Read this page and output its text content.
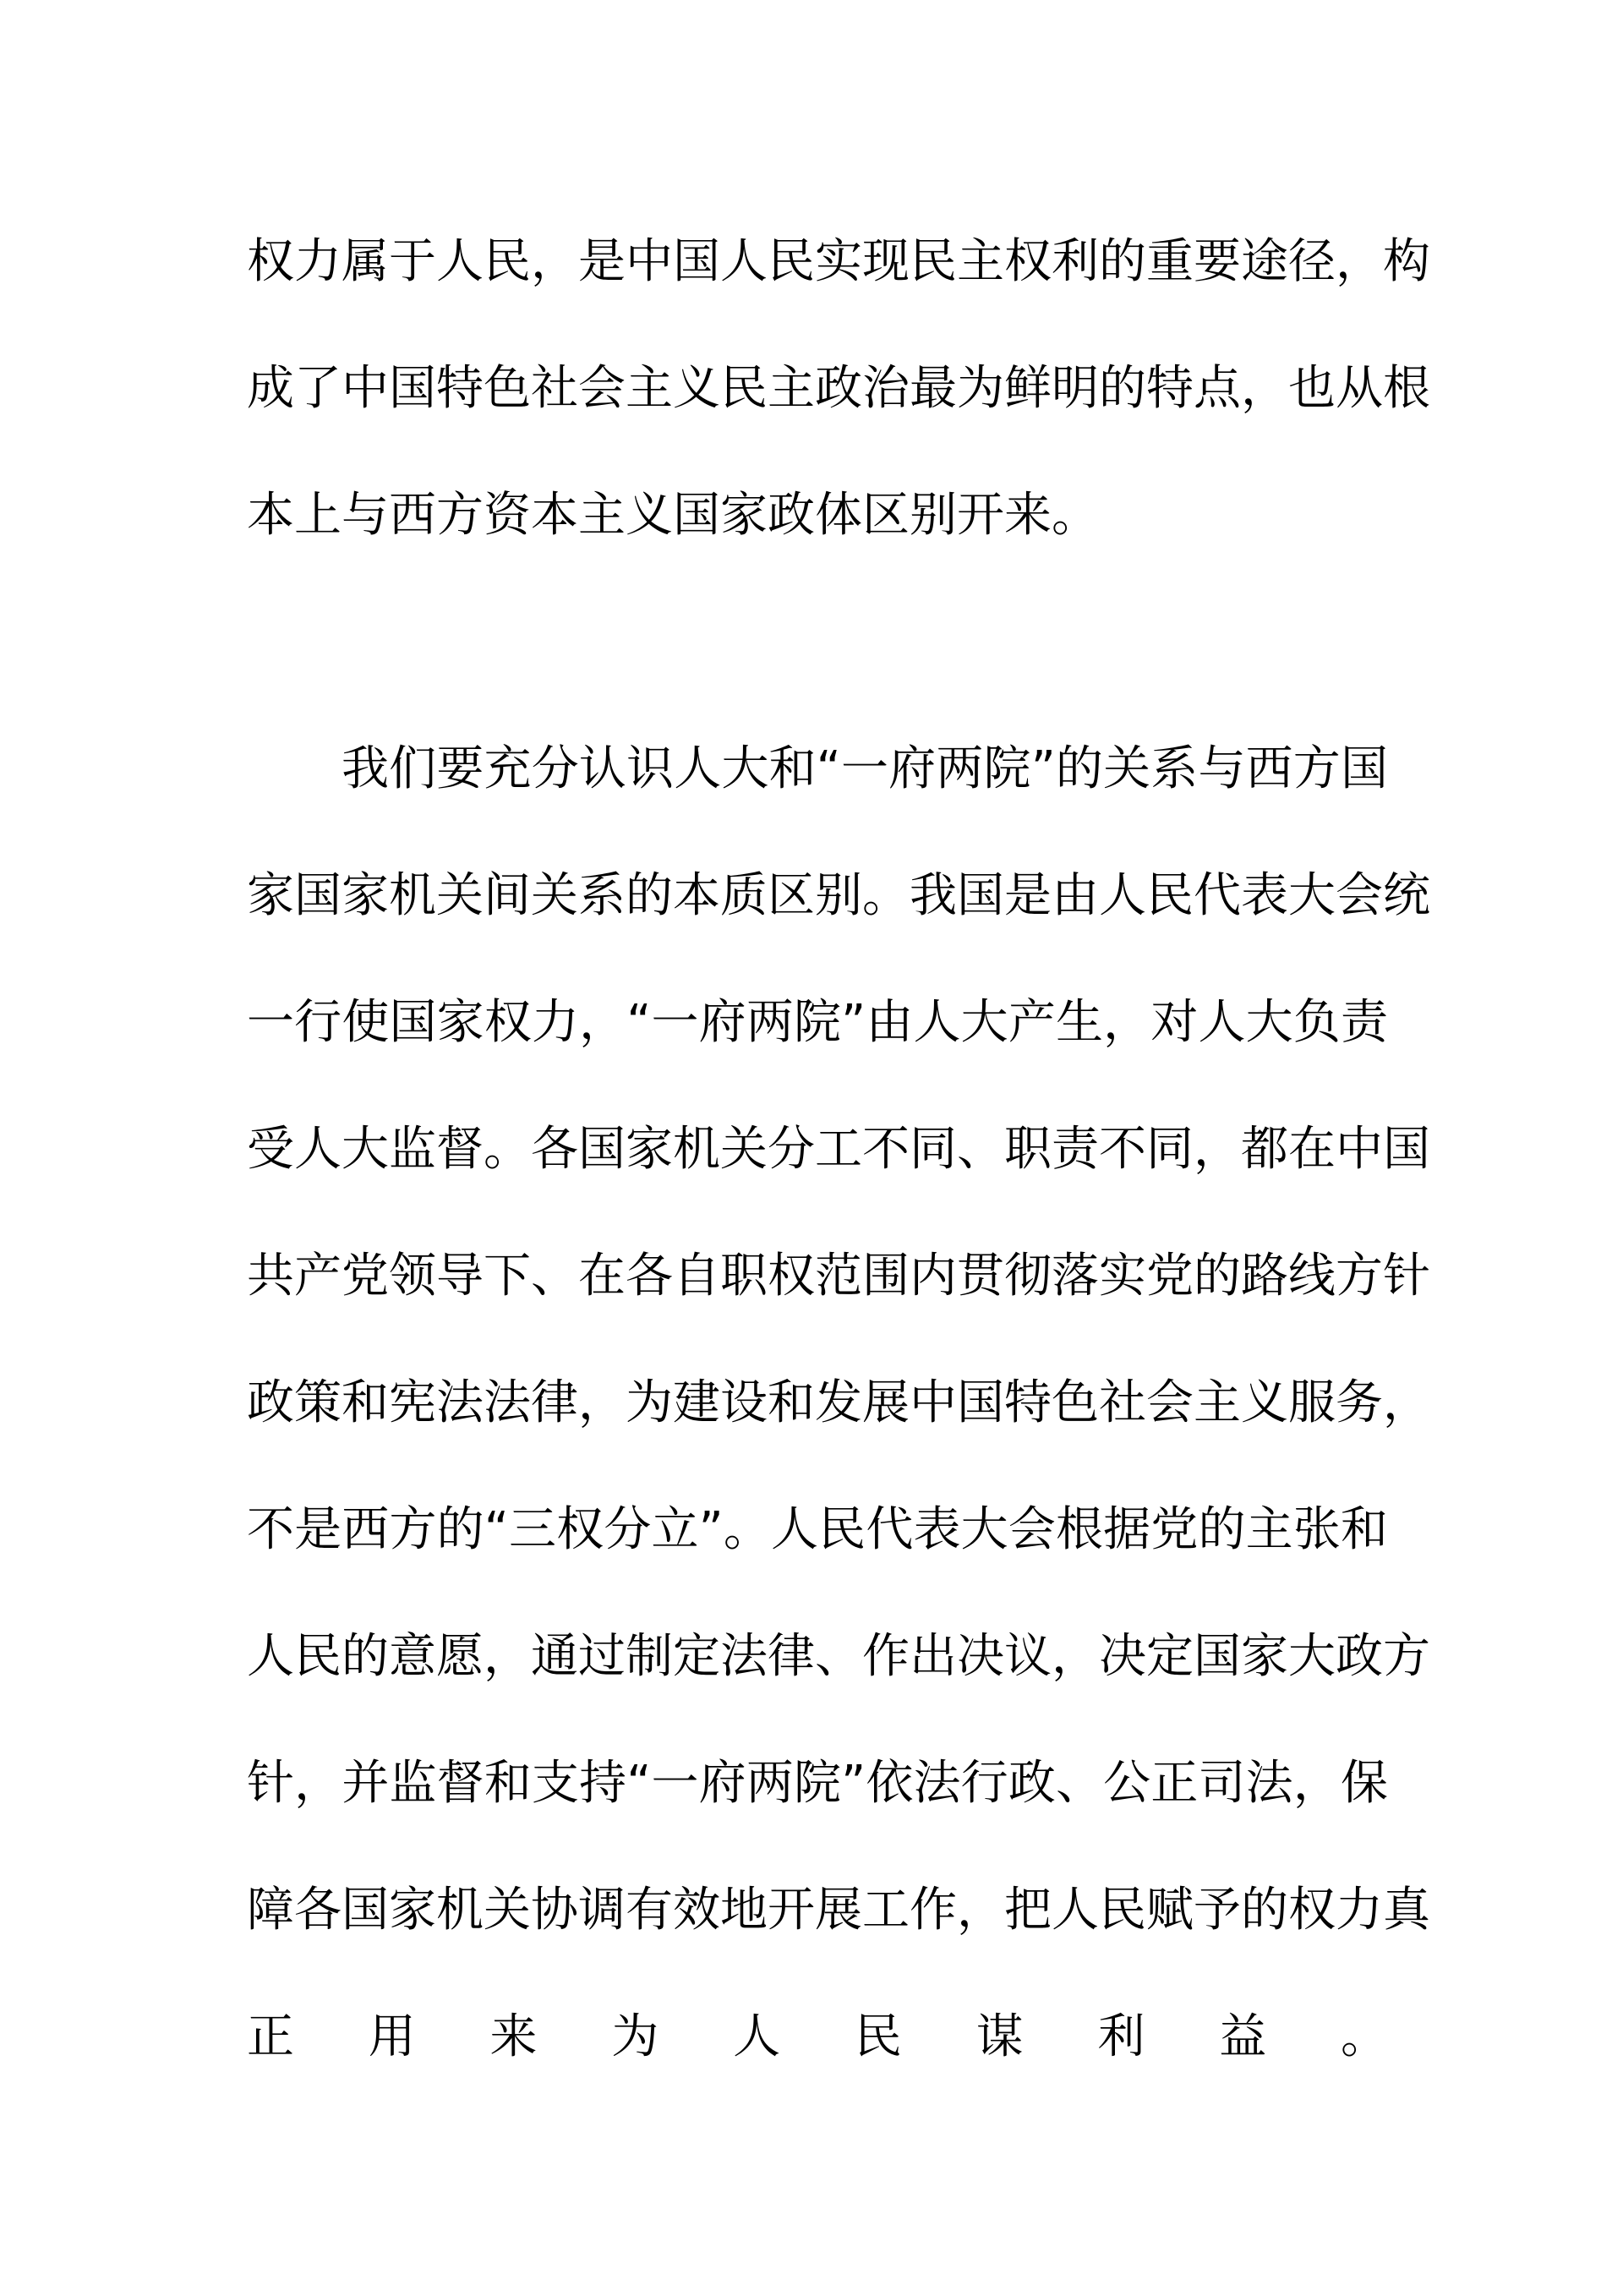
权力属于人民，是中国人民实现民主权利的重要途径，构
成了中国特色社会主义民主政治最为鲜明的特点，也从根
本上与西方资本主义国家政体区别开来。
我们要充分认识人大和“一府两院”的关系与西方国
家国家机关间关系的本质区别。我国是由人民代表大会统
一行使国家权力，“一府两院”由人大产生，对人大负责
受人大监督。各国家机关分工不同、职责不同，都在中国
共产党领导下、在各自职权范围内贯彻落实党的路线方针
政策和宪法法律，为建设和发展中国特色社会主义服务，
不是西方的“三权分立”。人民代表大会根据党的主张和
人民的意愿，通过制定法律、作出决议，决定国家大政方
针，并监督和支持“一府两院”依法行政、公正司法，保
障各国家机关协调有效地开展工作，把人民赋予的权力真
正用来为人民谋利益。
